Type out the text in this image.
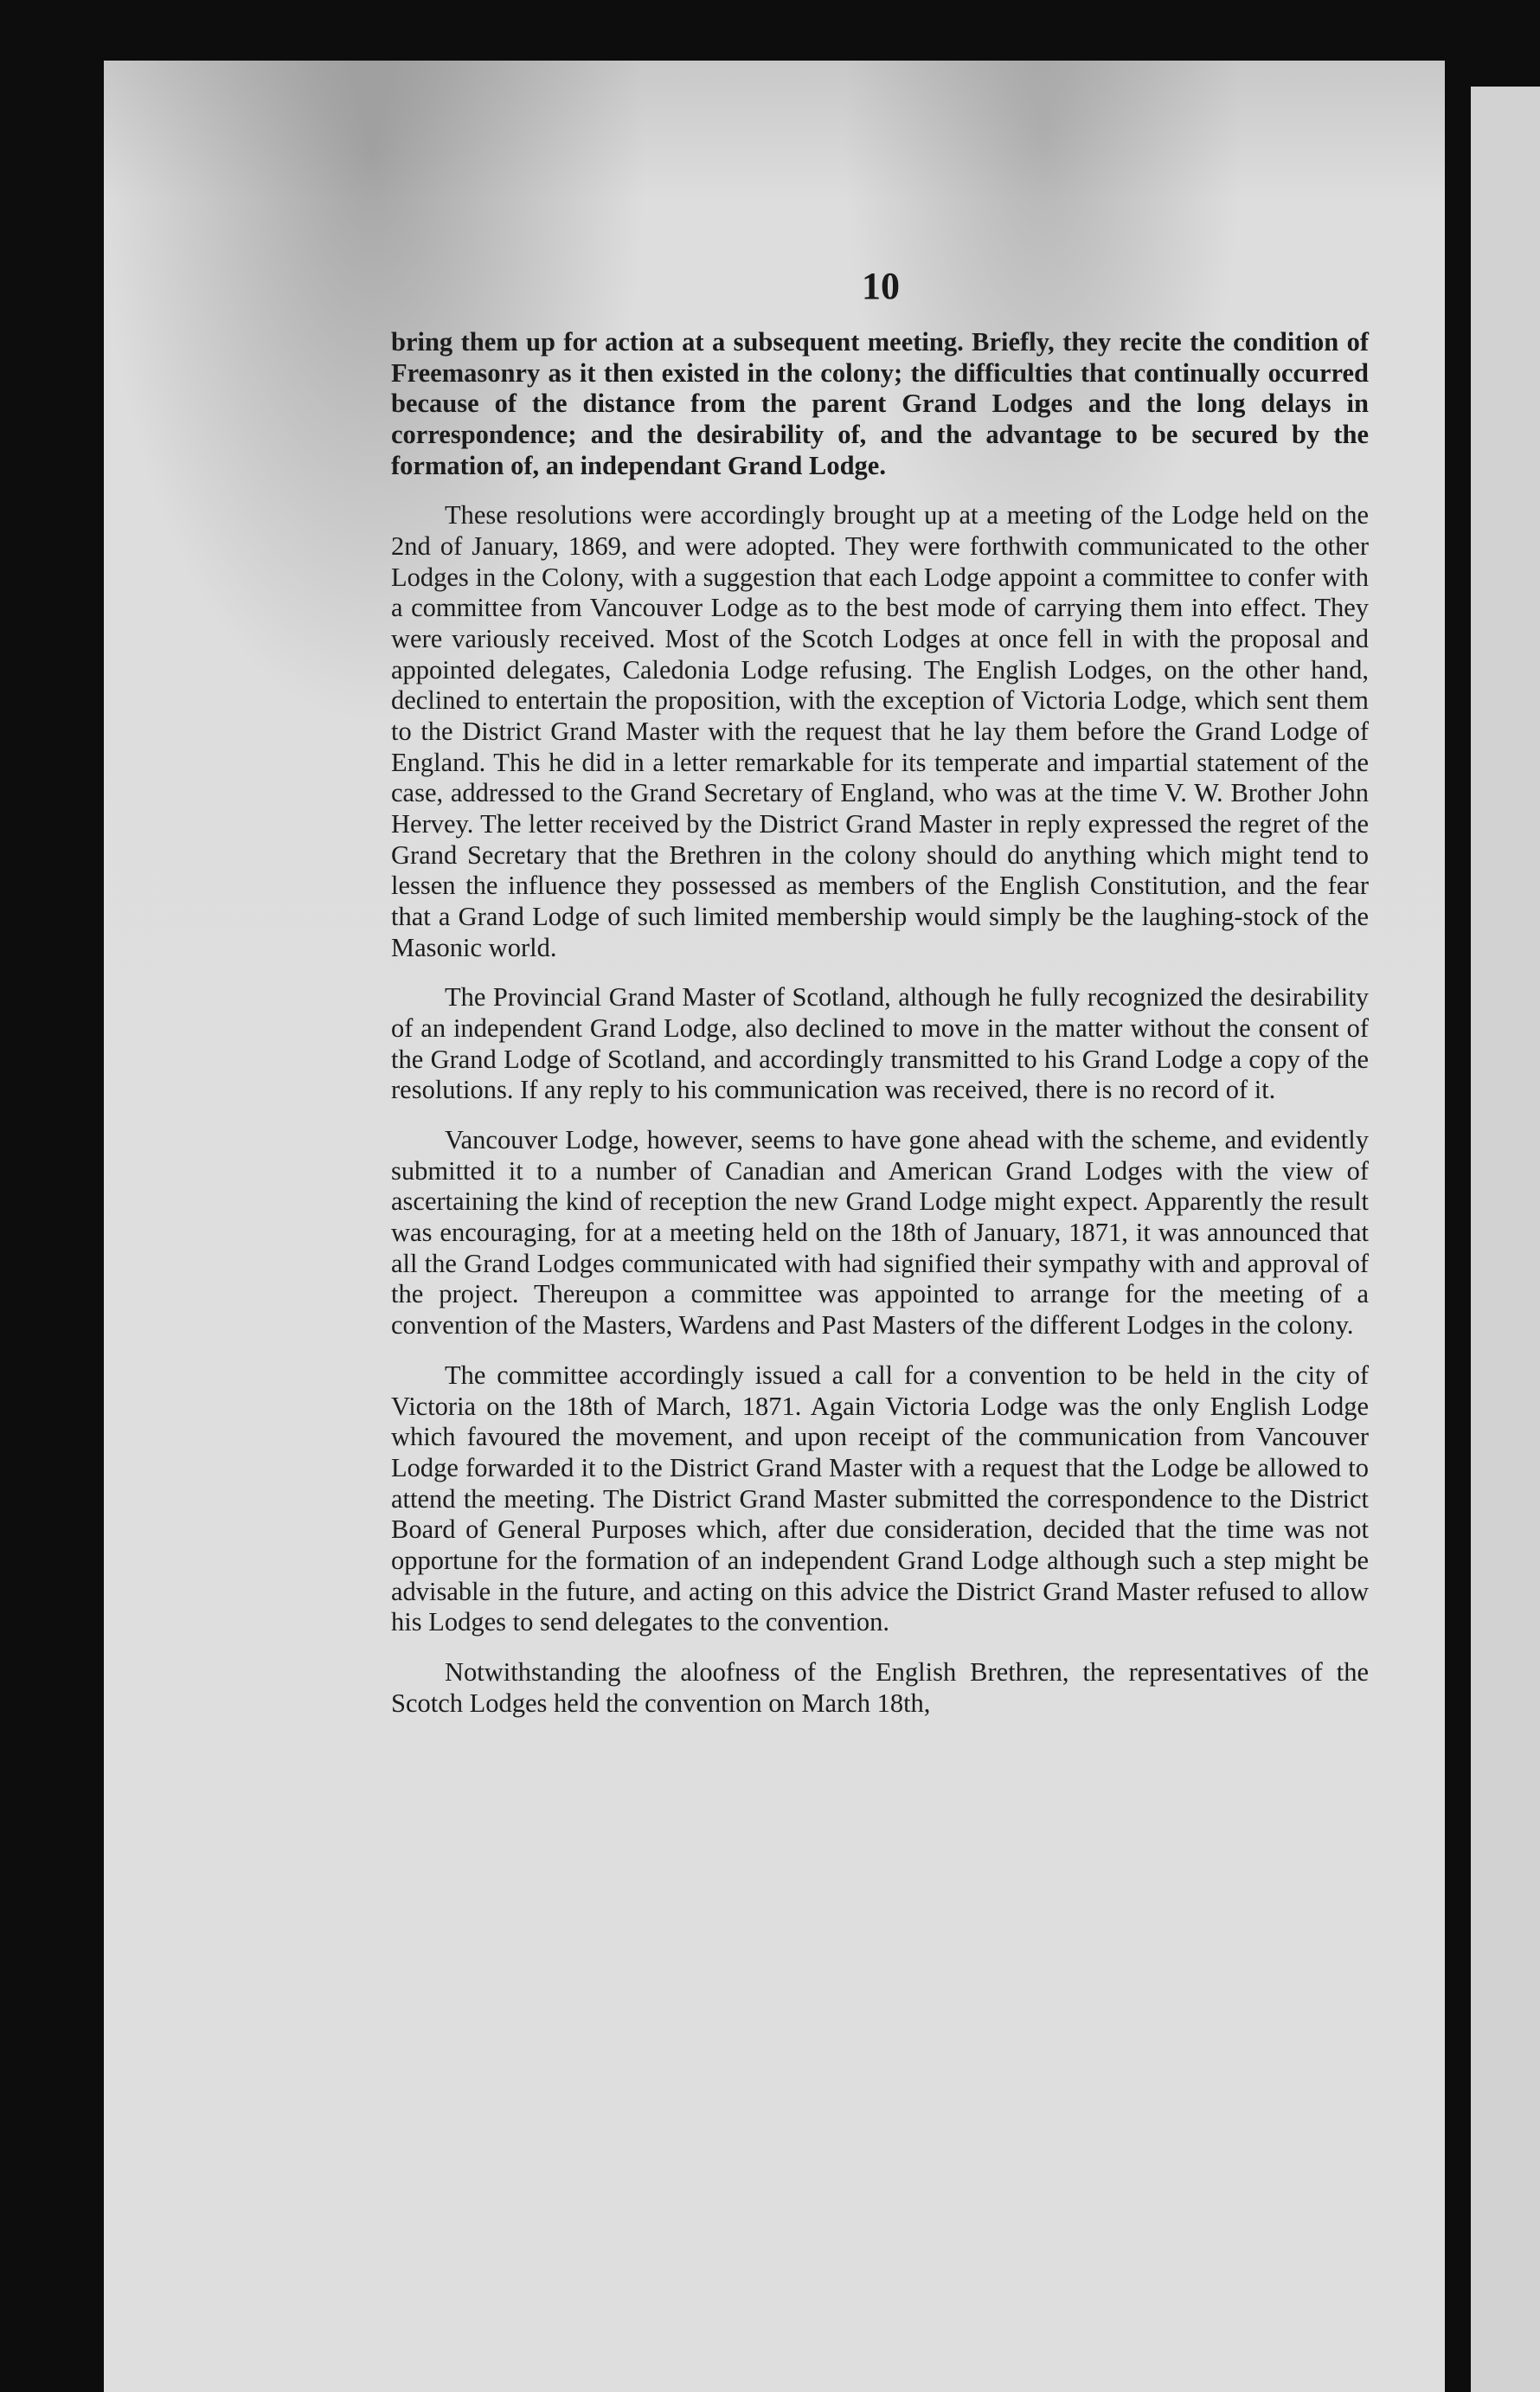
10

bring them up for action at a subsequent meeting. Briefly, they recite the condition of Freemasonry as it then existed in the colony; the difficulties that continually occurred because of the distance from the parent Grand Lodges and the long delays in correspondence; and the desirability of, and the advantage to be secured by the formation of, an independant Grand Lodge.

These resolutions were accordingly brought up at a meeting of the Lodge held on the 2nd of January, 1869, and were adopted. They were forthwith communicated to the other Lodges in the Colony, with a suggestion that each Lodge appoint a committee to confer with a committee from Vancouver Lodge as to the best mode of carrying them into effect. They were variously received. Most of the Scotch Lodges at once fell in with the proposal and appointed delegates, Caledonia Lodge refusing. The English Lodges, on the other hand, declined to entertain the proposition, with the exception of Victoria Lodge, which sent them to the District Grand Master with the request that he lay them before the Grand Lodge of England. This he did in a letter remarkable for its temperate and impartial statement of the case, addressed to the Grand Secretary of England, who was at the time V. W. Brother John Hervey. The letter received by the District Grand Master in reply expressed the regret of the Grand Secretary that the Brethren in the colony should do anything which might tend to lessen the influence they possessed as members of the English Constitution, and the fear that a Grand Lodge of such limited membership would simply be the laughing-stock of the Masonic world.

The Provincial Grand Master of Scotland, although he fully recognized the desirability of an independent Grand Lodge, also declined to move in the matter without the consent of the Grand Lodge of Scotland, and accordingly transmitted to his Grand Lodge a copy of the resolutions. If any reply to his communication was received, there is no record of it.

Vancouver Lodge, however, seems to have gone ahead with the scheme, and evidently submitted it to a number of Canadian and American Grand Lodges with the view of ascertaining the kind of reception the new Grand Lodge might expect. Apparently the result was encouraging, for at a meeting held on the 18th of January, 1871, it was announced that all the Grand Lodges communicated with had signified their sympathy with and approval of the project. Thereupon a committee was appointed to arrange for the meeting of a convention of the Masters, Wardens and Past Masters of the different Lodges in the colony.

The committee accordingly issued a call for a convention to be held in the city of Victoria on the 18th of March, 1871. Again Victoria Lodge was the only English Lodge which favoured the movement, and upon receipt of the communication from Vancouver Lodge forwarded it to the District Grand Master with a request that the Lodge be allowed to attend the meeting. The District Grand Master submitted the correspondence to the District Board of General Purposes which, after due consideration, decided that the time was not opportune for the formation of an independent Grand Lodge although such a step might be advisable in the future, and acting on this advice the District Grand Master refused to allow his Lodges to send delegates to the convention.

Notwithstanding the aloofness of the English Brethren, the representatives of the Scotch Lodges held the convention on March 18th,
